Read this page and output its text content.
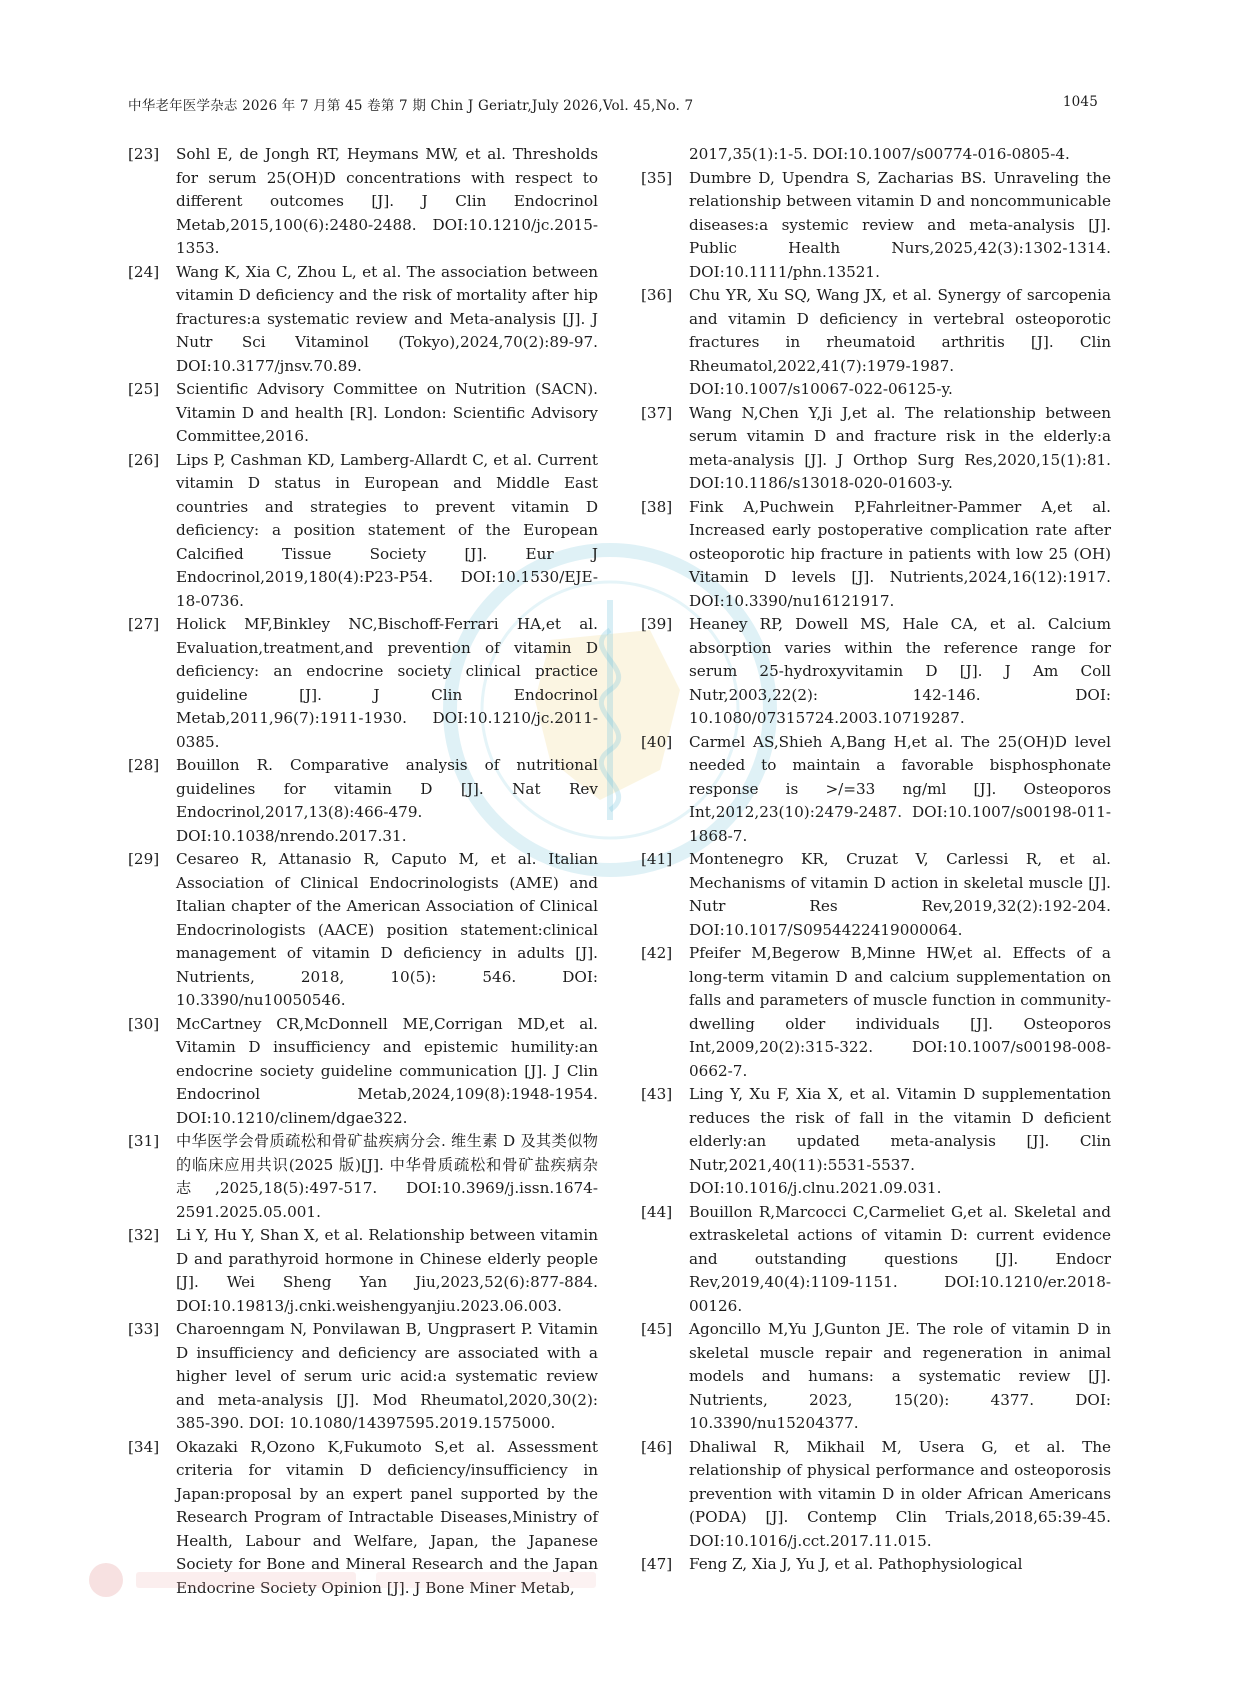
中华老年医学杂志 2026 年 7 月第 45 卷第 7 期 Chin J Geriatr,July 2026,Vol. 45,No. 7	1045
[23] Sohl E, de Jongh RT, Heymans MW, et al. Thresholds for serum 25(OH)D concentrations with respect to different outcomes [J]. J Clin Endocrinol Metab,2015,100(6):2480-2488. DOI:10.1210/jc.2015-1353.
[24] Wang K, Xia C, Zhou L, et al. The association between vitamin D deficiency and the risk of mortality after hip fractures:a systematic review and Meta-analysis [J]. J Nutr Sci Vitaminol (Tokyo),2024,70(2):89-97. DOI:10.3177/jnsv.70.89.
[25] Scientific Advisory Committee on Nutrition (SACN). Vitamin D and health [R]. London: Scientific Advisory Committee,2016.
[26] Lips P, Cashman KD, Lamberg-Allardt C, et al. Current vitamin D status in European and Middle East countries and strategies to prevent vitamin D deficiency: a position statement of the European Calcified Tissue Society [J]. Eur J Endocrinol,2019,180(4):P23-P54. DOI:10.1530/EJE-18-0736.
[27] Holick MF,Binkley NC,Bischoff-Ferrari HA,et al. Evaluation,treatment,and prevention of vitamin D deficiency: an endocrine society clinical practice guideline [J]. J Clin Endocrinol Metab,2011,96(7):1911-1930. DOI:10.1210/jc.2011-0385.
[28] Bouillon R. Comparative analysis of nutritional guidelines for vitamin D [J]. Nat Rev Endocrinol,2017,13(8):466-479. DOI:10.1038/nrendo.2017.31.
[29] Cesareo R, Attanasio R, Caputo M, et al. Italian Association of Clinical Endocrinologists (AME) and Italian chapter of the American Association of Clinical Endocrinologists (AACE) position statement:clinical management of vitamin D deficiency in adults [J]. Nutrients, 2018, 10(5): 546. DOI: 10.3390/nu10050546.
[30] McCartney CR,McDonnell ME,Corrigan MD,et al. Vitamin D insufficiency and epistemic humility:an endocrine society guideline communication [J]. J Clin Endocrinol Metab,2024,109(8):1948-1954. DOI:10.1210/clinem/dgae322.
[31] 中华医学会骨质疏松和骨矿盐疾病分会. 维生素 D 及其类似物的临床应用共识(2025 版)[J]. 中华骨质疏松和骨矿盐疾病杂志,2025,18(5):497-517. DOI:10.3969/j.issn.1674-2591.2025.05.001.
[32] Li Y, Hu Y, Shan X, et al. Relationship between vitamin D and parathyroid hormone in Chinese elderly people [J]. Wei Sheng Yan Jiu,2023,52(6):877-884. DOI:10.19813/j.cnki.weishengyanjiu.2023.06.003.
[33] Charoenngam N, Ponvilawan B, Ungprasert P. Vitamin D insufficiency and deficiency are associated with a higher level of serum uric acid:a systematic review and meta-analysis [J]. Mod Rheumatol,2020,30(2): 385-390. DOI: 10.1080/14397595.2019.1575000.
[34] Okazaki R,Ozono K,Fukumoto S,et al. Assessment criteria for vitamin D deficiency/insufficiency in Japan:proposal by an expert panel supported by the Research Program of Intractable Diseases,Ministry of Health, Labour and Welfare, Japan, the Japanese Society for Bone and Mineral Research and the Japan Endocrine Society Opinion [J]. J Bone Miner Metab,
2017,35(1):1-5. DOI:10.1007/s00774-016-0805-4.
[35] Dumbre D, Upendra S, Zacharias BS. Unraveling the relationship between vitamin D and noncommunicable diseases:a systemic review and meta-analysis [J]. Public Health Nurs,2025,42(3):1302-1314. DOI:10.1111/phn.13521.
[36] Chu YR, Xu SQ, Wang JX, et al. Synergy of sarcopenia and vitamin D deficiency in vertebral osteoporotic fractures in rheumatoid arthritis [J]. Clin Rheumatol,2022,41(7):1979-1987. DOI:10.1007/s10067-022-06125-y.
[37] Wang N,Chen Y,Ji J,et al. The relationship between serum vitamin D and fracture risk in the elderly:a meta-analysis [J]. J Orthop Surg Res,2020,15(1):81. DOI:10.1186/s13018-020-01603-y.
[38] Fink A,Puchwein P,Fahrleitner-Pammer A,et al. Increased early postoperative complication rate after osteoporotic hip fracture in patients with low 25 (OH) Vitamin D levels [J]. Nutrients,2024,16(12):1917. DOI:10.3390/nu16121917.
[39] Heaney RP, Dowell MS, Hale CA, et al. Calcium absorption varies within the reference range for serum 25-hydroxyvitamin D [J]. J Am Coll Nutr,2003,22(2): 142-146. DOI: 10.1080/07315724.2003.10719287.
[40] Carmel AS,Shieh A,Bang H,et al. The 25(OH)D level needed to maintain a favorable bisphosphonate response is >/=33 ng/ml [J]. Osteoporos Int,2012,23(10):2479-2487. DOI:10.1007/s00198-011-1868-7.
[41] Montenegro KR, Cruzat V, Carlessi R, et al. Mechanisms of vitamin D action in skeletal muscle [J]. Nutr Res Rev,2019,32(2):192-204. DOI:10.1017/S0954422419000064.
[42] Pfeifer M,Begerow B,Minne HW,et al. Effects of a long-term vitamin D and calcium supplementation on falls and parameters of muscle function in community-dwelling older individuals [J]. Osteoporos Int,2009,20(2):315-322. DOI:10.1007/s00198-008-0662-7.
[43] Ling Y, Xu F, Xia X, et al. Vitamin D supplementation reduces the risk of fall in the vitamin D deficient elderly:an updated meta-analysis [J]. Clin Nutr,2021,40(11):5531-5537. DOI:10.1016/j.clnu.2021.09.031.
[44] Bouillon R,Marcocci C,Carmeliet G,et al. Skeletal and extraskeletal actions of vitamin D: current evidence and outstanding questions [J]. Endocr Rev,2019,40(4):1109-1151. DOI:10.1210/er.2018-00126.
[45] Agoncillo M,Yu J,Gunton JE. The role of vitamin D in skeletal muscle repair and regeneration in animal models and humans: a systematic review [J]. Nutrients, 2023, 15(20): 4377. DOI: 10.3390/nu15204377.
[46] Dhaliwal R, Mikhail M, Usera G, et al. The relationship of physical performance and osteoporosis prevention with vitamin D in older African Americans (PODA) [J]. Contemp Clin Trials,2018,65:39-45. DOI:10.1016/j.cct.2017.11.015.
[47] Feng Z, Xia J, Yu J, et al. Pathophysiological
